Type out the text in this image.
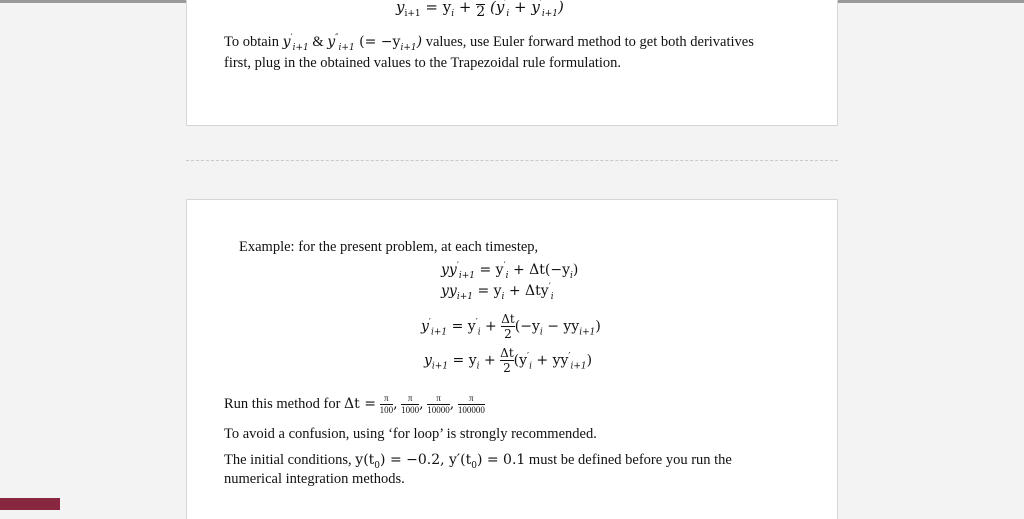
$y_{i+1} = y_i + 2$ $(y'_i + y'_{i+1})$
To obtain $y'_{i+1}$ & $y''_{i+1}$ (= $-y_{i+1}$) values, use Euler forward method to get both derivatives
first, plug in the obtained values to the Trapezoidal rule formulation.
Example: for the present problem, at each timestep,
$yy'_{i+1} = y'_i + \Delta t(-y_i)$
$yy_{i+1} = y_i + \Delta ty'_i$
$y'_{i+1} = y'_i + \frac{\Delta t}{2} (-y_i - yy_{i+1})$
$y_{i+1} = y_i + \frac{\Delta t}{2} (y'_i + yy'_{i+1})$
Run this method for $\Delta t = \frac{\pi}{100}$ , $\frac{\pi}{1000}$ , $\frac{\pi}{10000}$ , $\frac{\pi}{100000}$
To avoid a confusion, using ‘for loop’ is strongly recommended.
The initial conditions, $y(t_0) = -0.2$, $y'(t_0) = 0.1$ must be defined before you run the
numerical integration methods.
